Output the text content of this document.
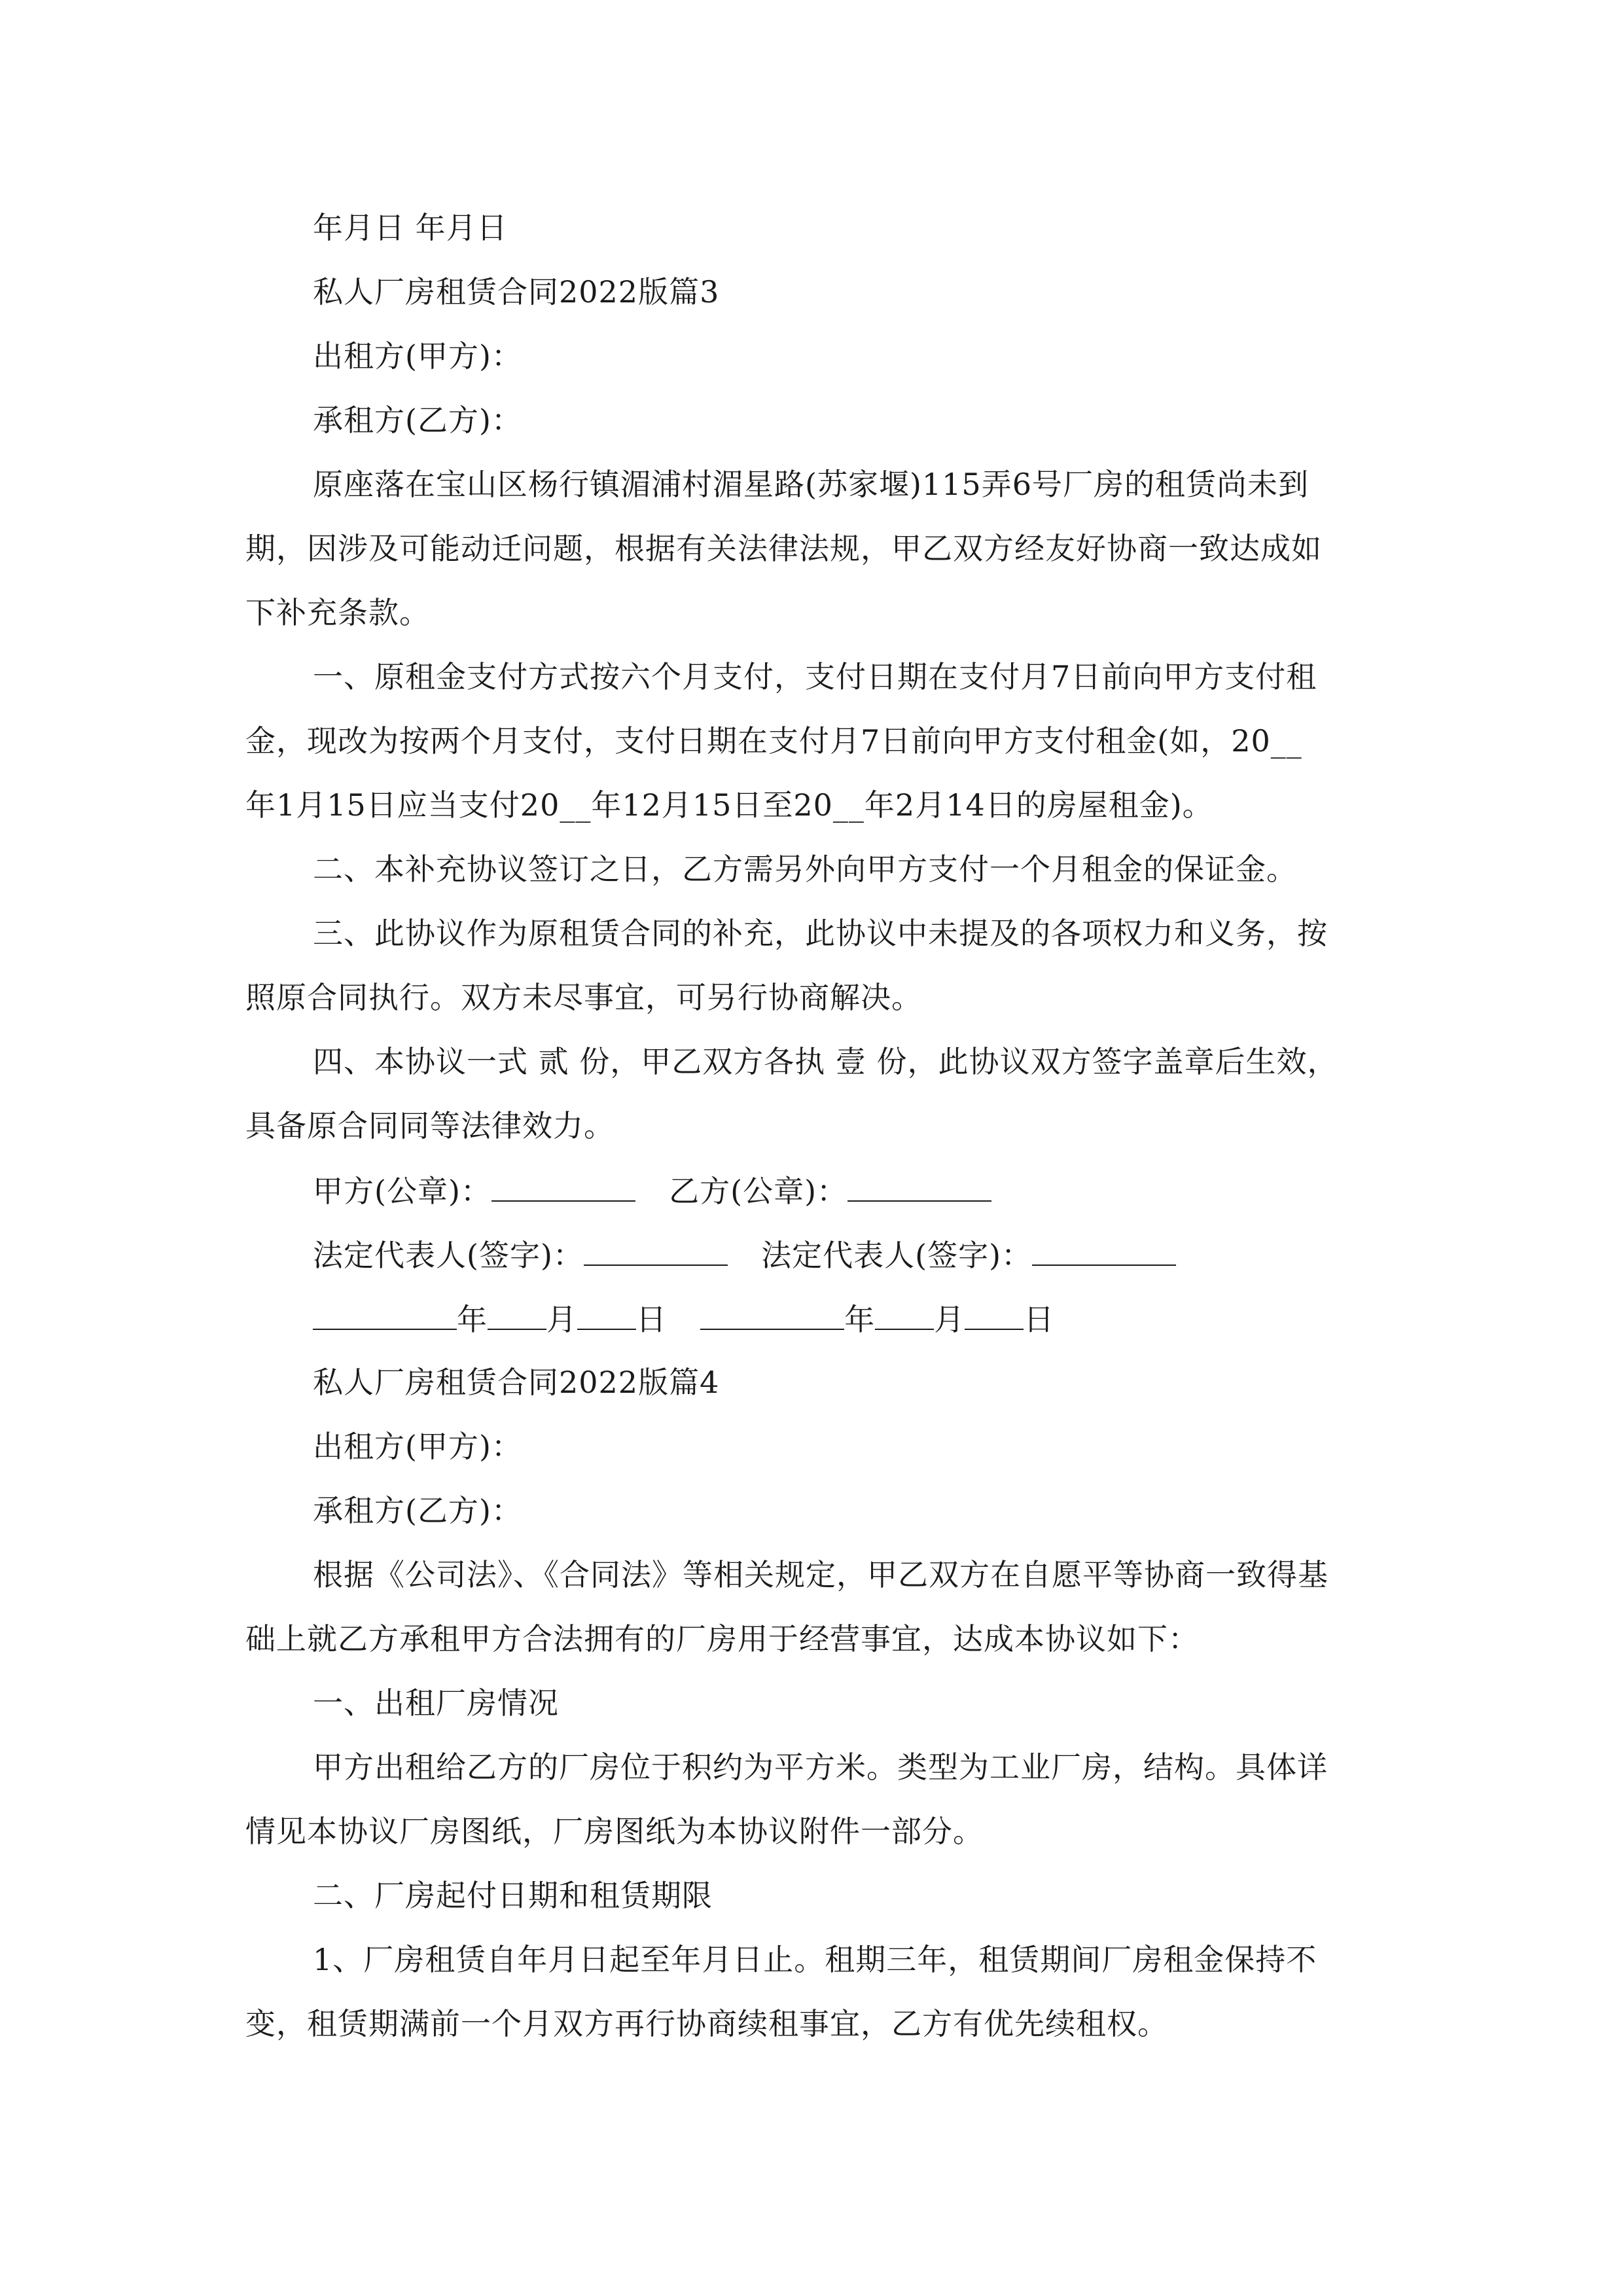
年月日 年月日
私人厂房租赁合同2022版篇3
出租方(甲方)：
承租方(乙方)：
原座落在宝山区杨行镇湄浦村湄星路(苏家堰)115弄6号厂房的租赁尚未到
期，因涉及可能动迁问题，根据有关法律法规，甲乙双方经友好协商一致达成如
下补充条款。
一、原租金支付方式按六个月支付，支付日期在支付月7日前向甲方支付租
金，现改为按两个月支付，支付日期在支付月7日前向甲方支付租金(如，20__
年1月15日应当支付20__年12月15日至20__年2月14日的房屋租金)。
二、本补充协议签订之日，乙方需另外向甲方支付一个月租金的保证金。
三、此协议作为原租赁合同的补充，此协议中未提及的各项权力和义务，按
照原合同执行。双方未尽事宜，可另行协商解决。
四、本协议一式 贰 份，甲乙双方各执 壹 份，此协议双方签字盖章后生效，
具备原合同同等法律效力。
甲方(公章)：	乙方(公章)：
法定代表人(签字)：	法定代表人(签字)：
年 月 日	年 月 日
私人厂房租赁合同2022版篇4
出租方(甲方)：
承租方(乙方)：
根据《公司法》、《合同法》等相关规定，甲乙双方在自愿平等协商一致得基
础上就乙方承租甲方合法拥有的厂房用于经营事宜，达成本协议如下：
一、出租厂房情况
甲方出租给乙方的厂房位于积约为平方米。类型为工业厂房，结构。具体详
情见本协议厂房图纸，厂房图纸为本协议附件一部分。
二、厂房起付日期和租赁期限
1、厂房租赁自年月日起至年月日止。租期三年，租赁期间厂房租金保持不
变，租赁期满前一个月双方再行协商续租事宜，乙方有优先续租权。
